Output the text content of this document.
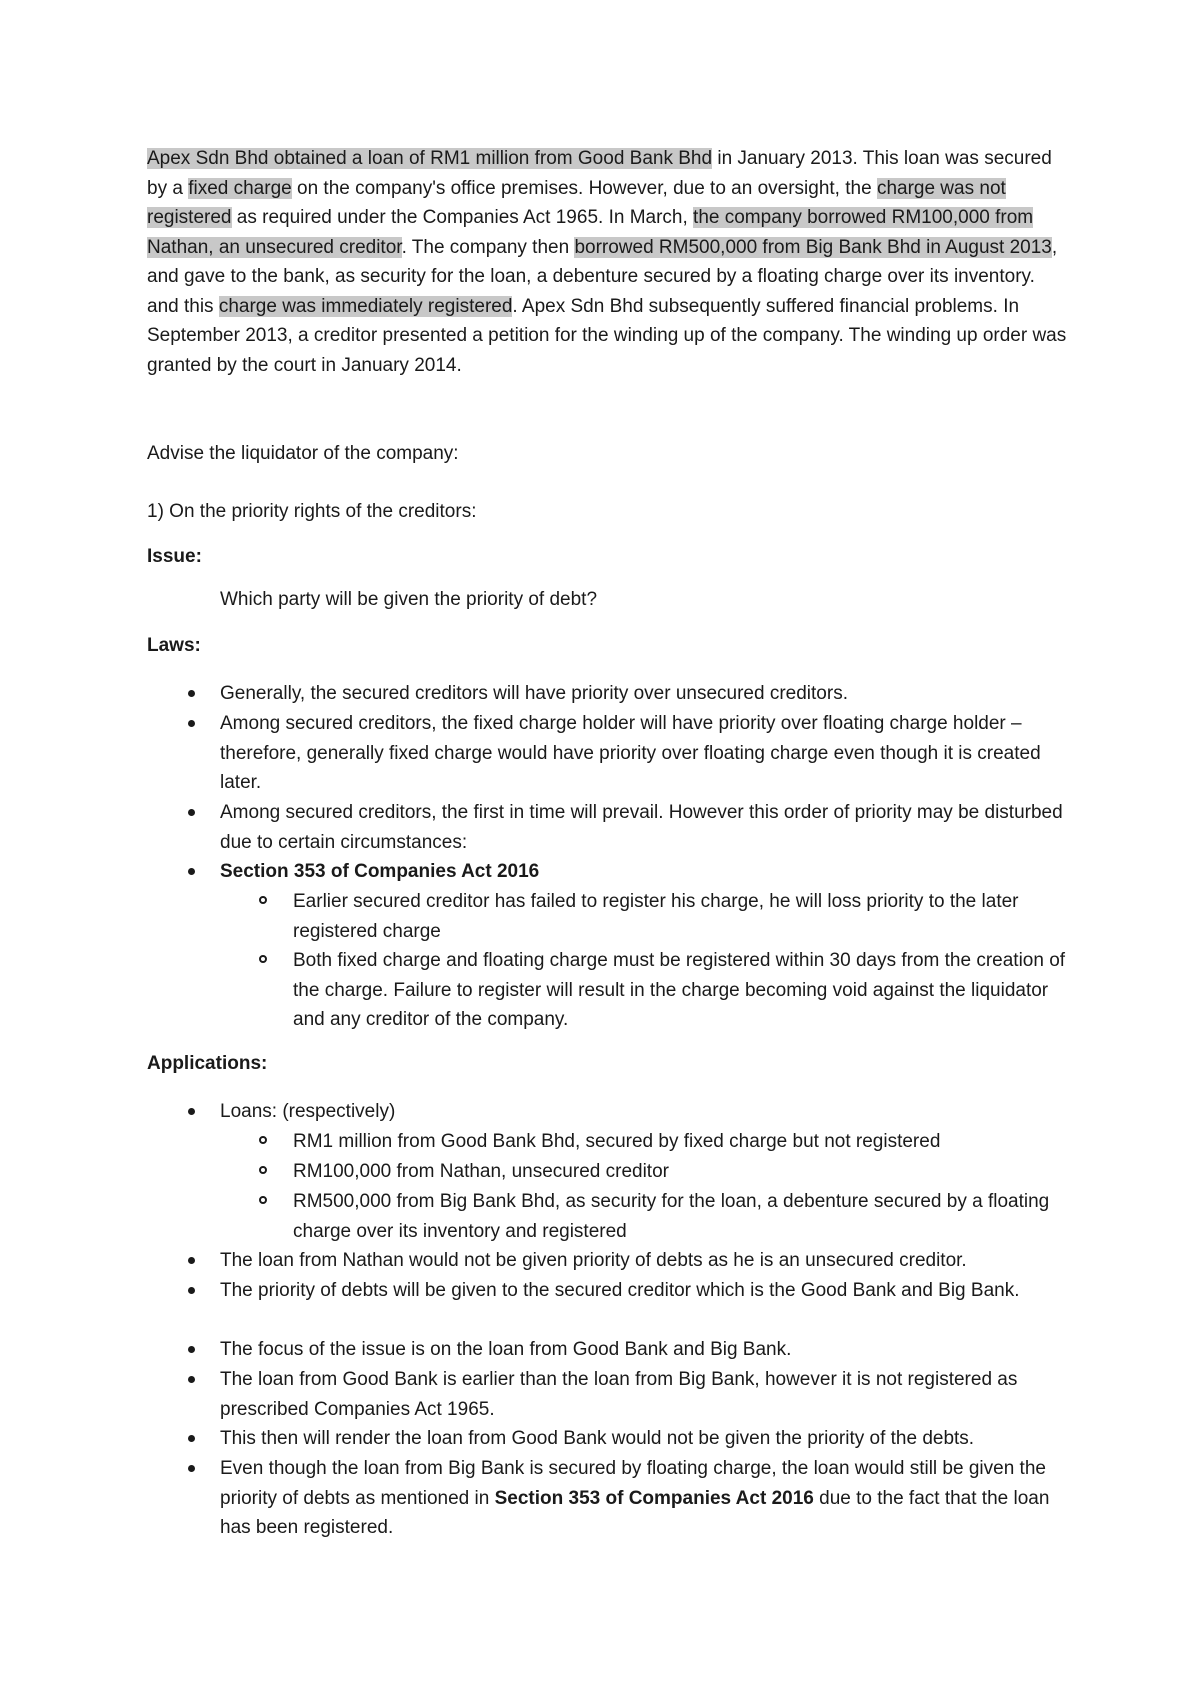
Apex Sdn Bhd obtained a loan of RM1 million from Good Bank Bhd in January 2013. This loan was secured by a fixed charge on the company's office premises. However, due to an oversight, the charge was not registered as required under the Companies Act 1965. In March, the company borrowed RM100,000 from Nathan, an unsecured creditor. The company then borrowed RM500,000 from Big Bank Bhd in August 2013, and gave to the bank, as security for the loan, a debenture secured by a floating charge over its inventory. and this charge was immediately registered. Apex Sdn Bhd subsequently suffered financial problems. In September 2013, a creditor presented a petition for the winding up of the company. The winding up order was granted by the court in January 2014.
Advise the liquidator of the company:
1) On the priority rights of the creditors:
Issue:
Which party will be given the priority of debt?
Laws:
Generally, the secured creditors will have priority over unsecured creditors.
Among secured creditors, the fixed charge holder will have priority over floating charge holder – therefore, generally fixed charge would have priority over floating charge even though it is created later.
Among secured creditors, the first in time will prevail. However this order of priority may be disturbed due to certain circumstances:
Section 353 of Companies Act 2016
Earlier secured creditor has failed to register his charge, he will loss priority to the later registered charge
Both fixed charge and floating charge must be registered within 30 days from the creation of the charge. Failure to register will result in the charge becoming void against the liquidator and any creditor of the company.
Applications:
Loans: (respectively)
RM1 million from Good Bank Bhd, secured by fixed charge but not registered
RM100,000 from Nathan, unsecured creditor
RM500,000 from Big Bank Bhd, as security for the loan, a debenture secured by a floating charge over its inventory and registered
The loan from Nathan would not be given priority of debts as he is an unsecured creditor.
The priority of debts will be given to the secured creditor which is the Good Bank and Big Bank.
The focus of the issue is on the loan from Good Bank and Big Bank.
The loan from Good Bank is earlier than the loan from Big Bank, however it is not registered as prescribed Companies Act 1965.
This then will render the loan from Good Bank would not be given the priority of the debts.
Even though the loan from Big Bank is secured by floating charge, the loan would still be given the priority of debts as mentioned in Section 353 of Companies Act 2016 due to the fact that the loan has been registered.
